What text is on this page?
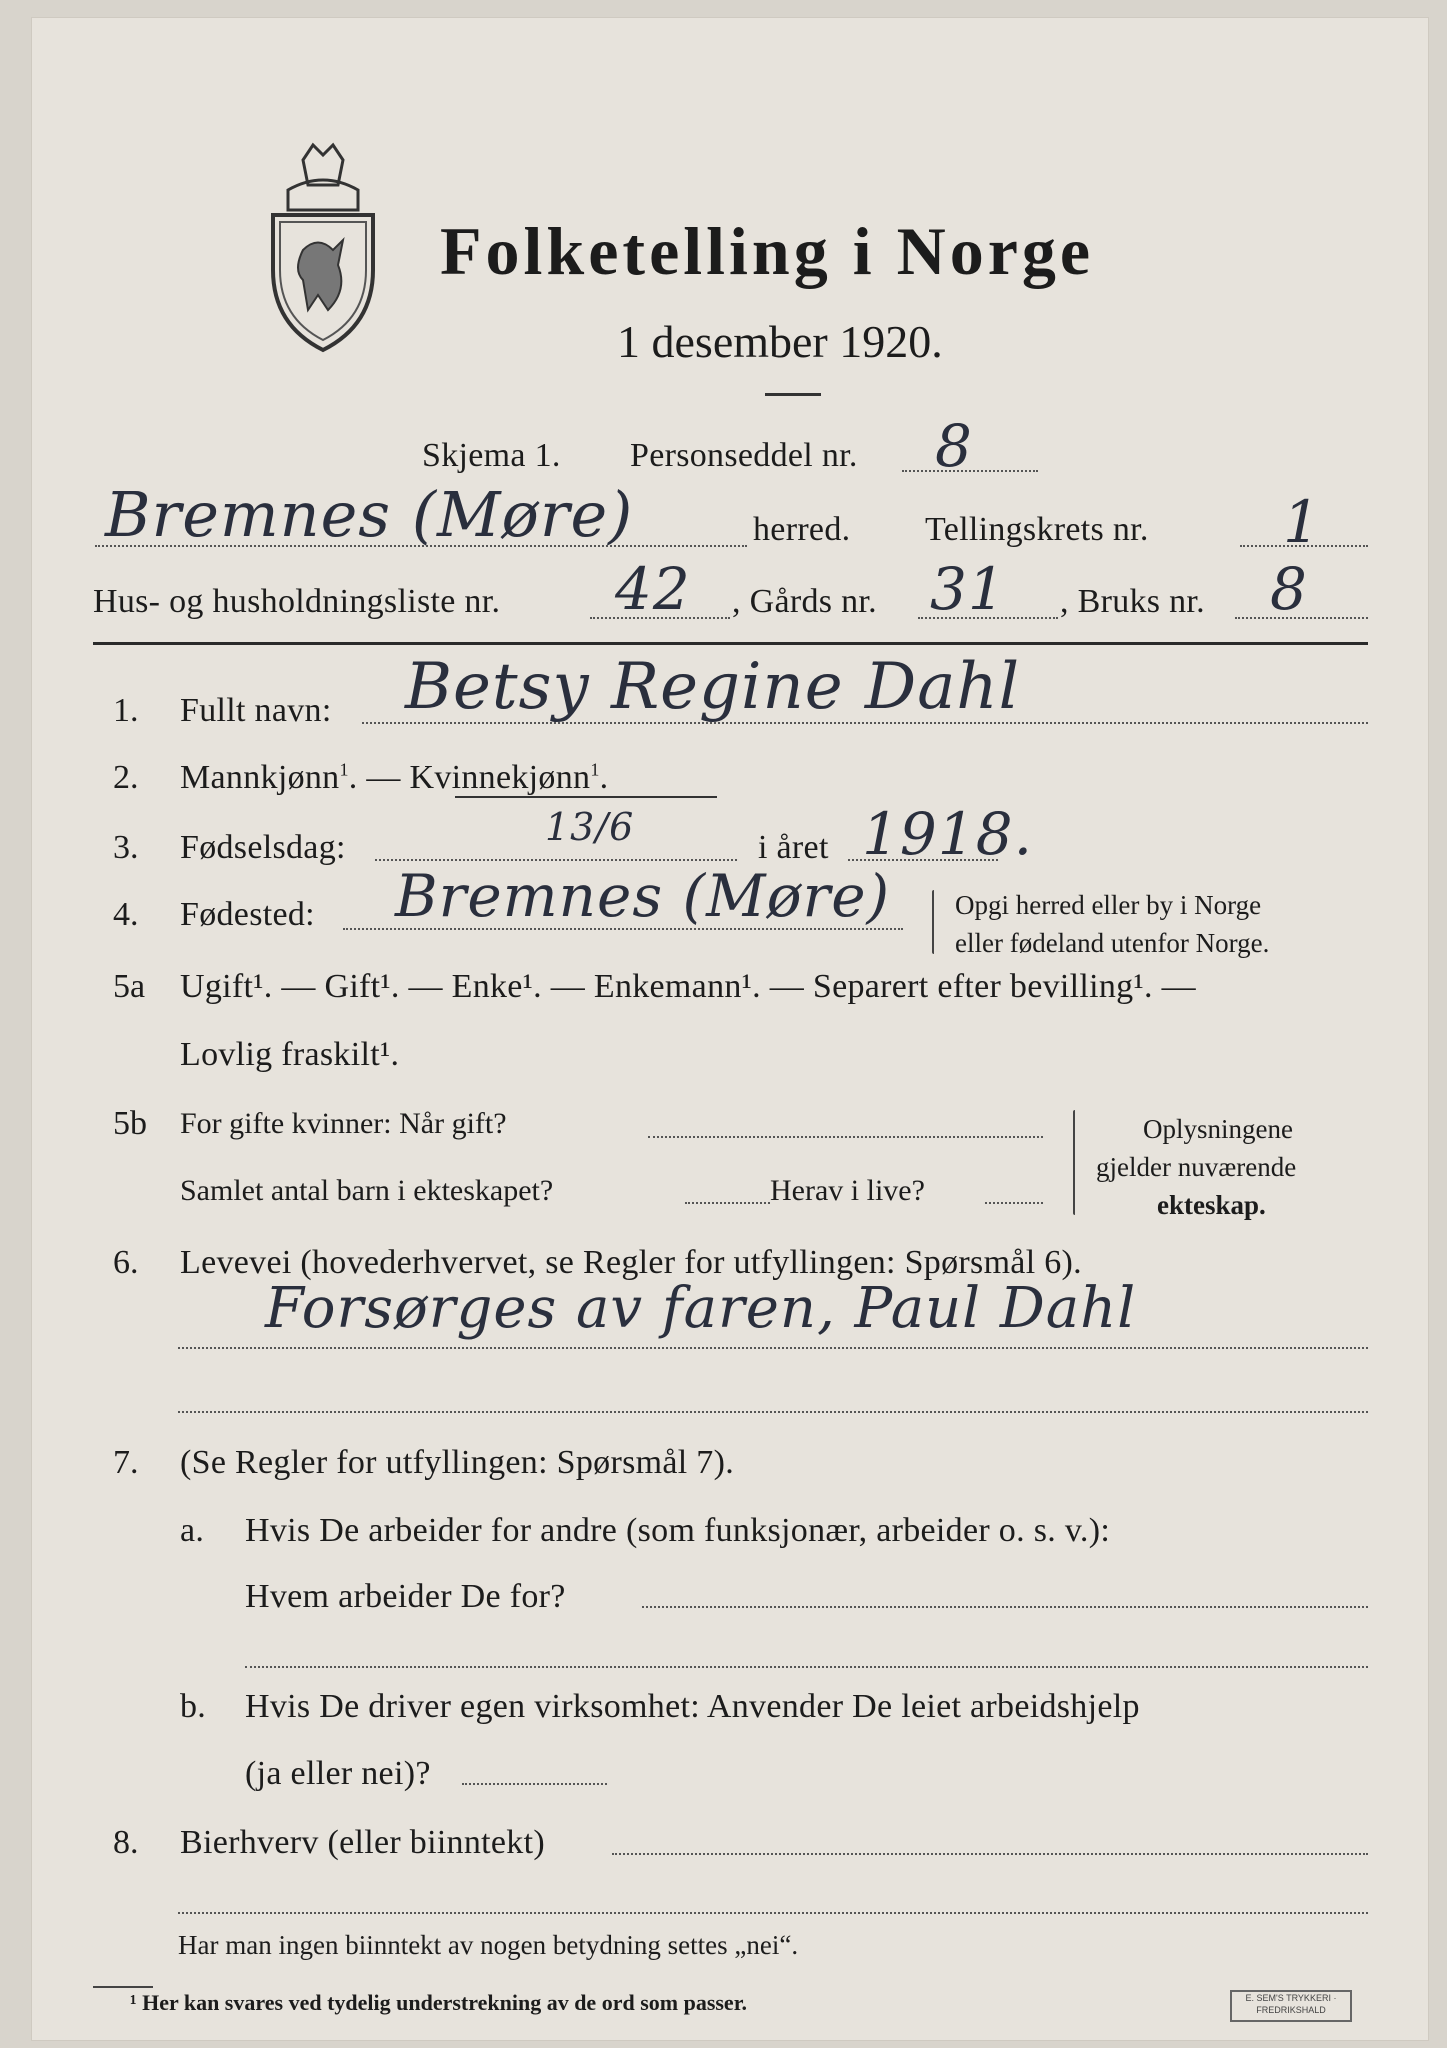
Folketelling i Norge
1 desember 1920.
Skjema 1. Personseddel nr. 8
Bremnes (Møre)	herred. Tellingskrets nr. 1
Hus- og husholdningsliste nr. 42 , Gårds nr. 31 , Bruks nr. 8
1. Fullt navn: Betsy Regine Dahl
2. Mannkjønn$^1$. — Kvinnekjønn$^1$.
3. Fødselsdag:	13/6	i året 1918.
4. Fødested: Bremnes (Møre) Opgi herred eller by i Norge
eller fødeland utenfor Norge.
5a Ugift¹. — Gift¹. — Enke¹. — Enkemann¹. — Separert efter bevilling¹. —
Lovlig fraskilt¹.
5b For gifte kvinner: Når gift?
Samlet antal barn i ekteskapet?	Herav i live?
Oplysningene
gjelder nuværende
ekteskap.
6. Levevei (hovederhvervet, se Regler for utfyllingen: Spørsmål 6).
Forsørges av faren, Paul Dahl
7. (Se Regler for utfyllingen: Spørsmål 7).
a. Hvis De arbeider for andre (som funksjonær, arbeider o. s. v.):
Hvem arbeider De for?
b. Hvis De driver egen virksomhet: Anvender De leiet arbeidshjelp
(ja eller nei)?
8. Bierhverv (eller biinntekt)
Har man ingen biinntekt av nogen betydning settes „nei“.
¹ Her kan svares ved tydelig understrekning av de ord som passer.	E. SEM'S TRYKKERI · FREDRIKSHALD
